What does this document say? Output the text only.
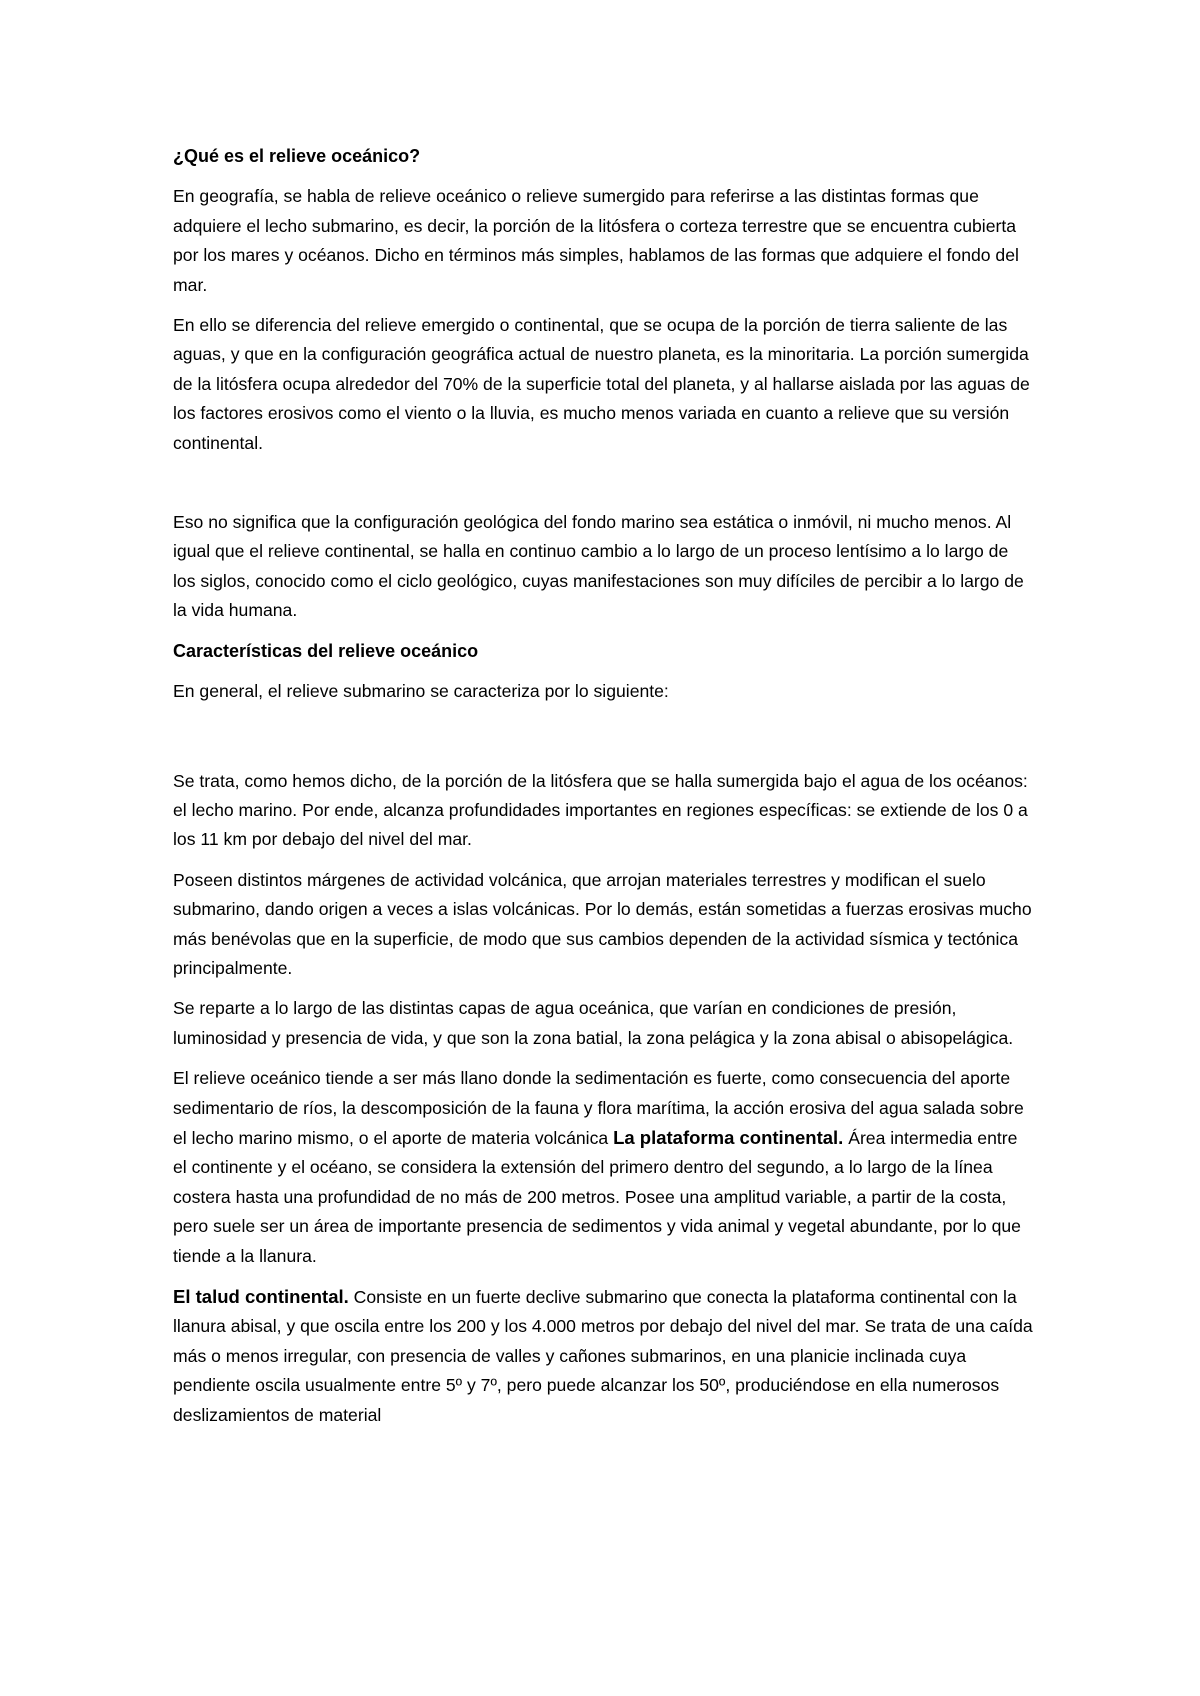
¿Qué es el relieve oceánico?

En geografía, se habla de relieve oceánico o relieve sumergido para referirse a las distintas formas que adquiere el lecho submarino, es decir, la porción de la litósfera o corteza terrestre que se encuentra cubierta por los mares y océanos. Dicho en términos más simples, hablamos de las formas que adquiere el fondo del mar.

En ello se diferencia del relieve emergido o continental, que se ocupa de la porción de tierra saliente de las aguas, y que en la configuración geográfica actual de nuestro planeta, es la minoritaria. La porción sumergida de la litósfera ocupa alrededor del 70% de la superficie total del planeta, y al hallarse aislada por las aguas de los factores erosivos como el viento o la lluvia, es mucho menos variada en cuanto a relieve que su versión continental.

Eso no significa que la configuración geológica del fondo marino sea estática o inmóvil, ni mucho menos. Al igual que el relieve continental, se halla en continuo cambio a lo largo de un proceso lentísimo a lo largo de los siglos, conocido como el ciclo geológico, cuyas manifestaciones son muy difíciles de percibir a lo largo de la vida humana.

Características del relieve oceánico

En general, el relieve submarino se caracteriza por lo siguiente:

Se trata, como hemos dicho, de la porción de la litósfera que se halla sumergida bajo el agua de los océanos: el lecho marino. Por ende, alcanza profundidades importantes en regiones específicas: se extiende de los 0 a los 11 km por debajo del nivel del mar.

Poseen distintos márgenes de actividad volcánica, que arrojan materiales terrestres y modifican el suelo submarino, dando origen a veces a islas volcánicas. Por lo demás, están sometidas a fuerzas erosivas mucho más benévolas que en la superficie, de modo que sus cambios dependen de la actividad sísmica y tectónica principalmente.

Se reparte a lo largo de las distintas capas de agua oceánica, que varían en condiciones de presión, luminosidad y presencia de vida, y que son la zona batial, la zona pelágica y la zona abisal o abisopelágica.

El relieve oceánico tiende a ser más llano donde la sedimentación es fuerte, como consecuencia del aporte sedimentario de ríos, la descomposición de la fauna y flora marítima, la acción erosiva del agua salada sobre el lecho marino mismo, o el aporte de materia volcánica La plataforma continental. Área intermedia entre el continente y el océano, se considera la extensión del primero dentro del segundo, a lo largo de la línea costera hasta una profundidad de no más de 200 metros. Posee una amplitud variable, a partir de la costa, pero suele ser un área de importante presencia de sedimentos y vida animal y vegetal abundante, por lo que tiende a la llanura.

El talud continental. Consiste en un fuerte declive submarino que conecta la plataforma continental con la llanura abisal, y que oscila entre los 200 y los 4.000 metros por debajo del nivel del mar. Se trata de una caída más o menos irregular, con presencia de valles y cañones submarinos, en una planicie inclinada cuya pendiente oscila usualmente entre 5º y 7º, pero puede alcanzar los 50º, produciéndose en ella numerosos deslizamientos de material
